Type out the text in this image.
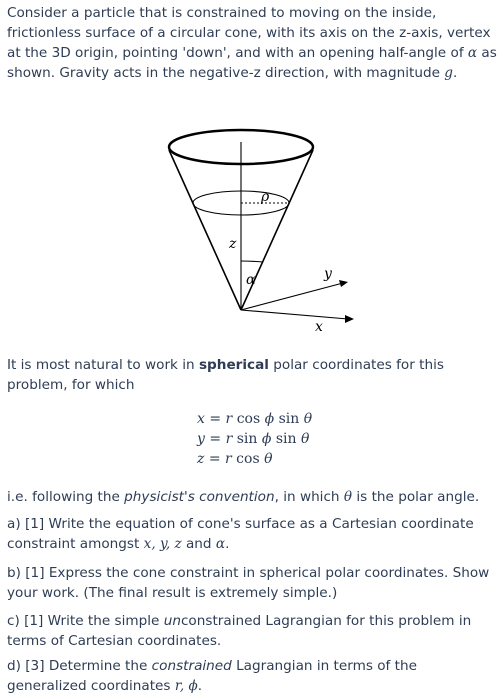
Consider a particle that is constrained to moving on the inside, frictionless surface of a circular cone, with its axis on the z-axis, vertex at the 3D origin, pointing 'down', and with an opening half-angle of α as shown. Gravity acts in the negative-z direction, with magnitude g.
ρ
z
α	y
x
It is most natural to work in spherical polar coordinates for this problem, for which
x = r cos ϕ sin θ
y = r sin ϕ sin θ
z = r cos θ
i.e. following the physicist's convention, in which θ is the polar angle.
a) [1] Write the equation of cone's surface as a Cartesian coordinate constraint amongst x, y, z and α.
b) [1] Express the cone constraint in spherical polar coordinates. Show your work. (The final result is extremely simple.)
c) [1] Write the simple unconstrained Lagrangian for this problem in terms of Cartesian coordinates.
d) [3] Determine the constrained Lagrangian in terms of the generalized coordinates r, ϕ.
